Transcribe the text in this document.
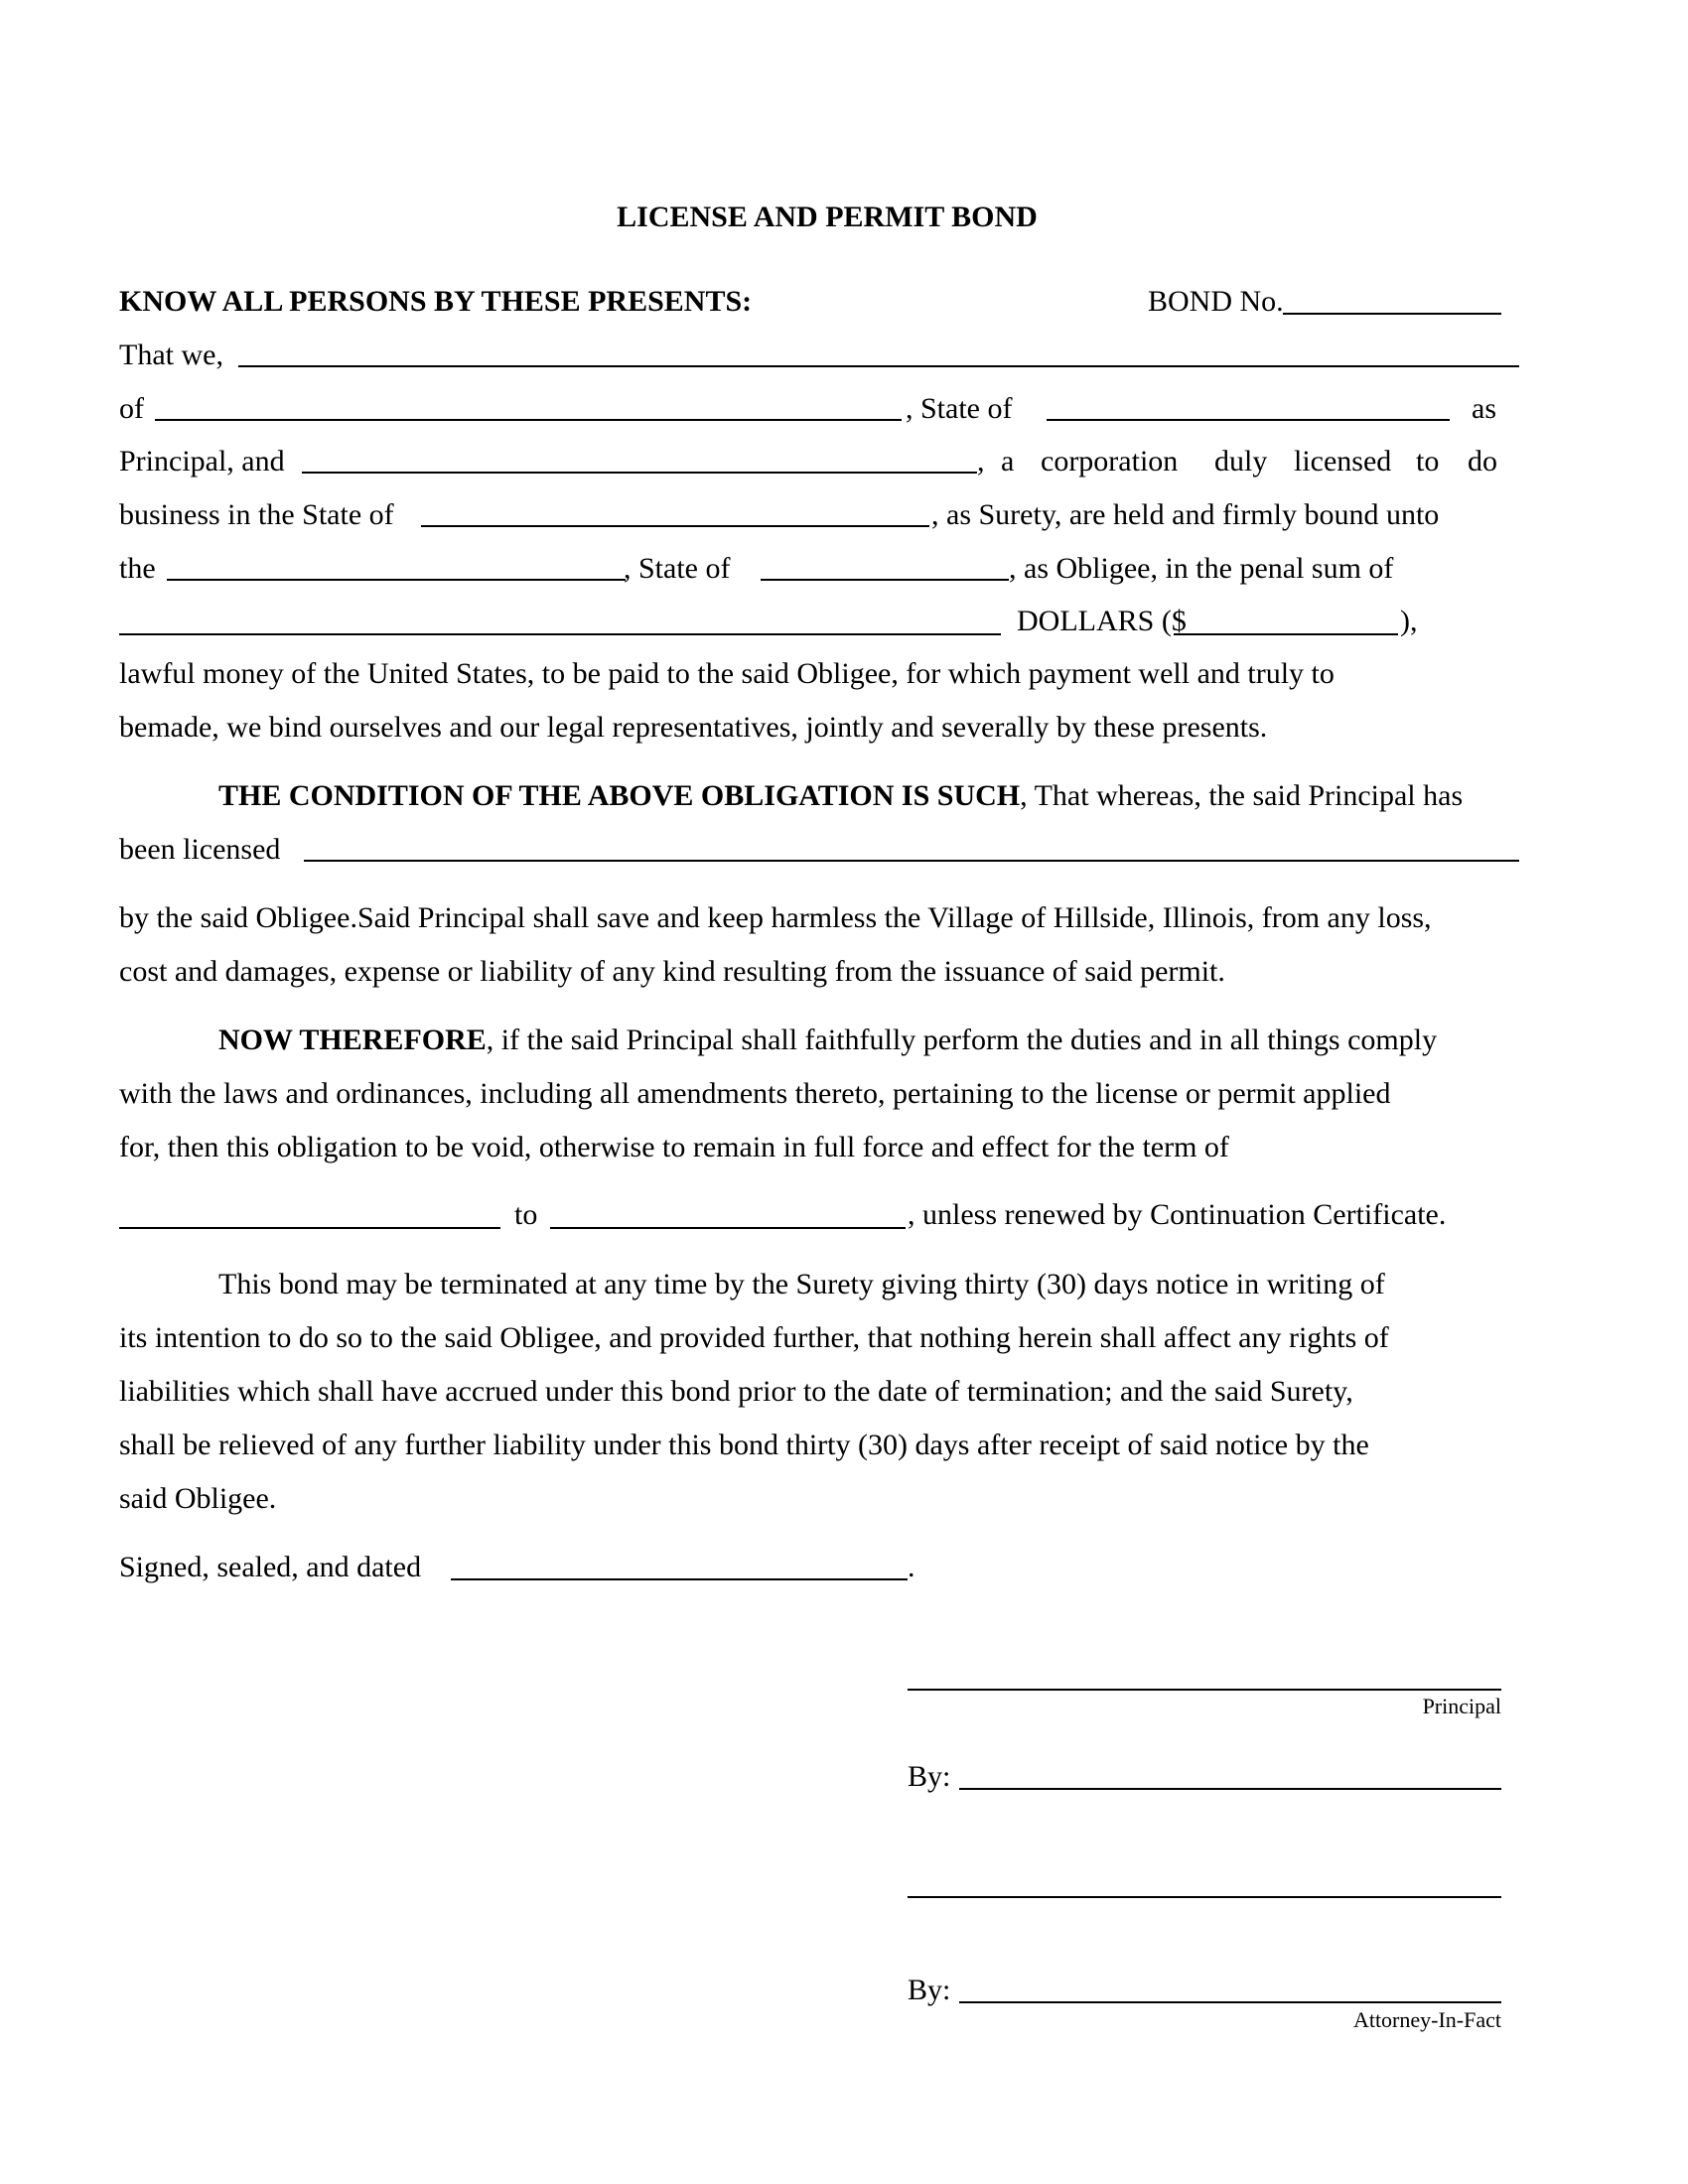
LICENSE AND PERMIT BOND
KNOW ALL PERSONS BY THESE PRESENTS:	BOND No.
That we,
of	, State of	as
Principal, and	, a corporation duly licensed to do
business in the State of	, as Surety, are held and firmly bound unto
the	, State of	, as Obligee, in the penal sum of
DOLLARS ($	),
lawful money of the United States, to be paid to the said Obligee, for which payment well and truly to
bemade, we bind ourselves and our legal representatives, jointly and severally by these presents.
THE CONDITION OF THE ABOVE OBLIGATION IS SUCH, That whereas, the said Principal has
been licensed
by the said Obligee.Said Principal shall save and keep harmless the Village of Hillside, Illinois, from any loss,
cost and damages, expense or liability of any kind resulting from the issuance of said permit.
NOW THEREFORE, if the said Principal shall faithfully perform the duties and in all things comply
with the laws and ordinances, including all amendments thereto, pertaining to the license or permit applied
for, then this obligation to be void, otherwise to remain in full force and effect for the term of
to	, unless renewed by Continuation Certificate.
This bond may be terminated at any time by the Surety giving thirty (30) days notice in writing of
its intention to do so to the said Obligee, and provided further, that nothing herein shall affect any rights of
liabilities which shall have accrued under this bond prior to the date of termination; and the said Surety,
shall be relieved of any further liability under this bond thirty (30) days after receipt of said notice by the
said Obligee.
Signed, sealed, and dated	.
Principal
By:
By:
Attorney-In-Fact
